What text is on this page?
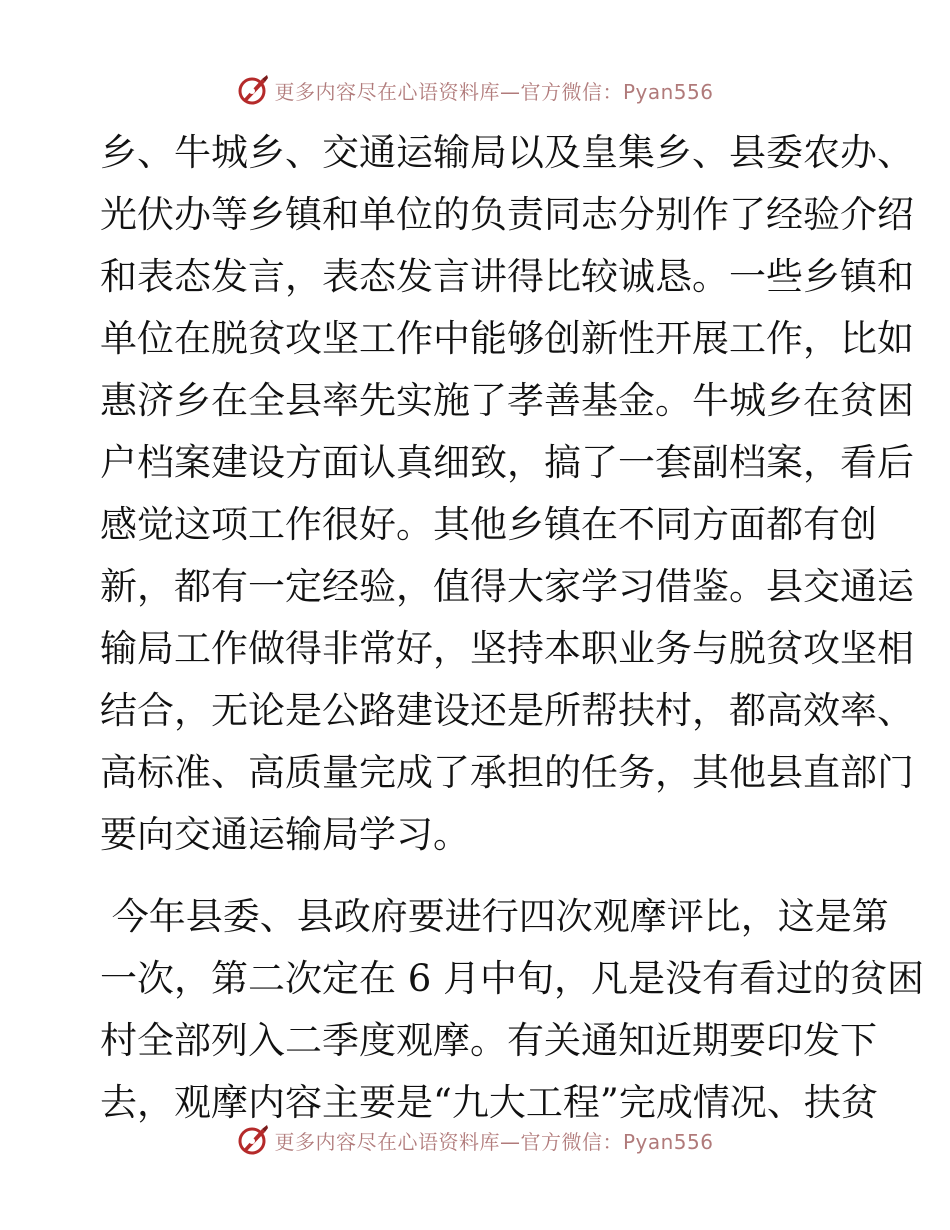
更多内容尽在心语资料库—官方微信：Pyan556
乡、牛城乡、交通运输局以及皇集乡、县委农办、
光伏办等乡镇和单位的负责同志分别作了经验介绍
和表态发言，表态发言讲得比较诚恳。一些乡镇和
单位在脱贫攻坚工作中能够创新性开展工作，比如
惠济乡在全县率先实施了孝善基金。牛城乡在贫困
户档案建设方面认真细致，搞了一套副档案，看后
感觉这项工作很好。其他乡镇在不同方面都有创
新，都有一定经验，值得大家学习借鉴。县交通运
输局工作做得非常好，坚持本职业务与脱贫攻坚相
结合，无论是公路建设还是所帮扶村，都高效率、
高标准、高质量完成了承担的任务，其他县直部门
要向交通运输局学习。
今年县委、县政府要进行四次观摩评比，这是第
一次，第二次定在 6 月中旬，凡是没有看过的贫困
村全部列入二季度观摩。有关通知近期要印发下
去，观摩内容主要是“九大工程”完成情况、扶贫
更多内容尽在心语资料库—官方微信：Pyan556
